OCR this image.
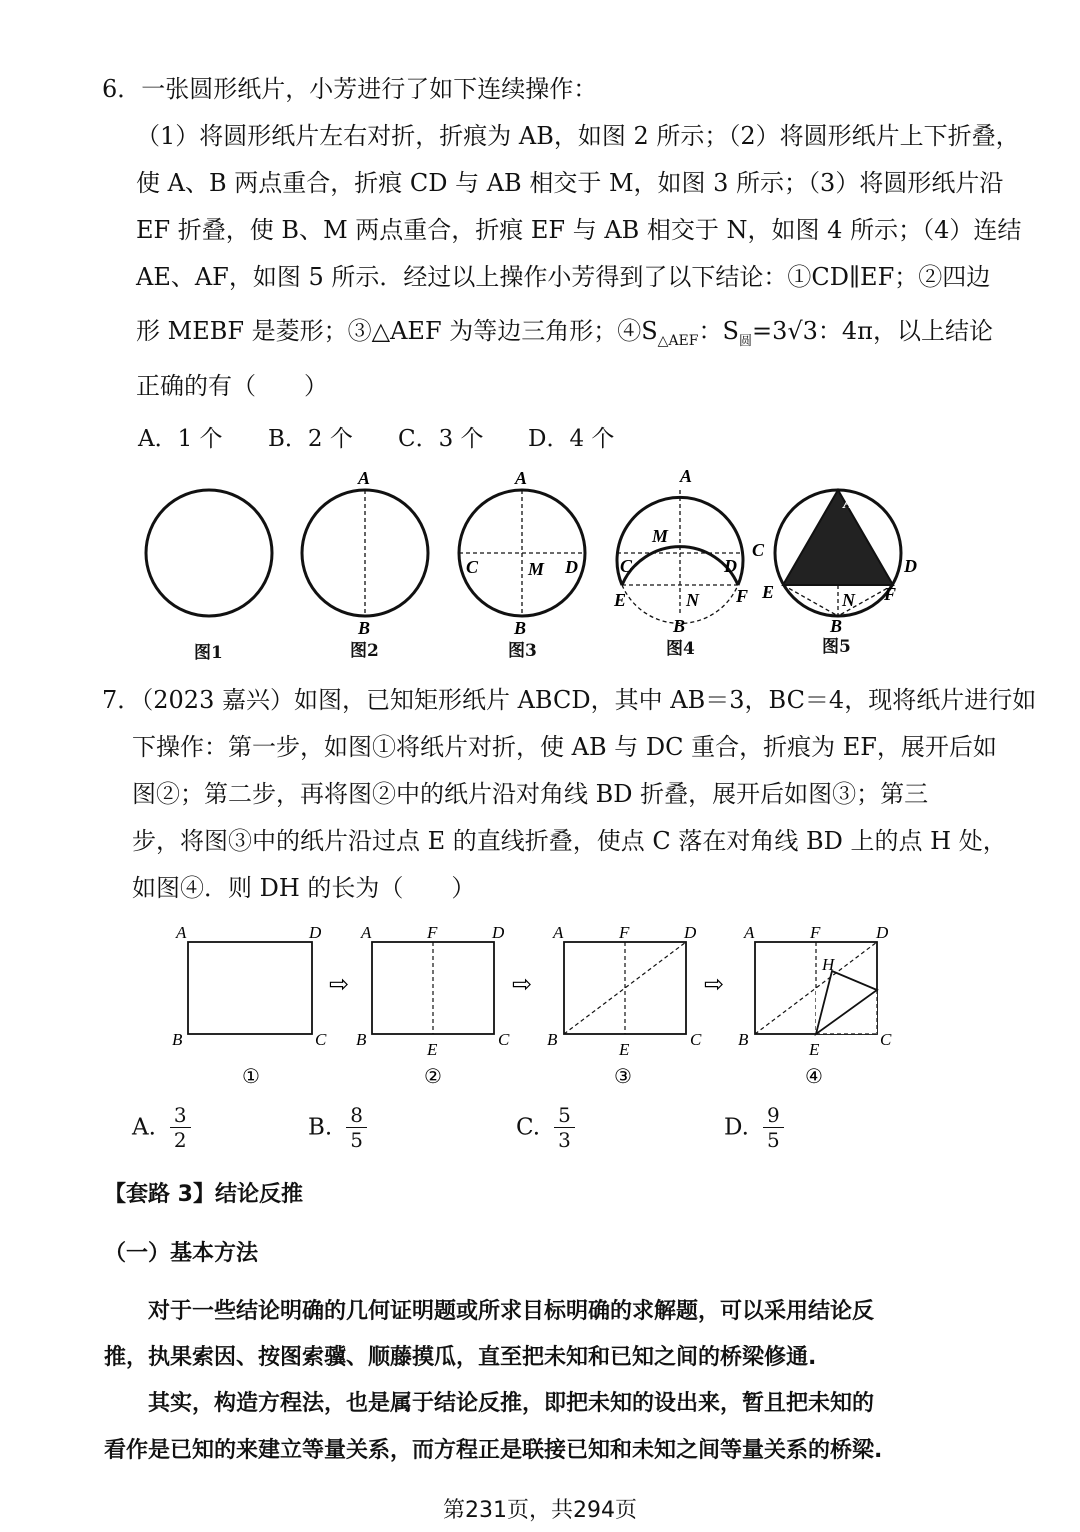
6．一张圆形纸片，小芳进行了如下连续操作：
（1）将圆形纸片左右对折，折痕为 AB，如图 2 所示；（2）将圆形纸片上下折叠，
使 A、B 两点重合，折痕 CD 与 AB 相交于 M，如图 3 所示；（3）将圆形纸片沿
EF 折叠，使 B、M 两点重合，折痕 EF 与 AB 相交于 N，如图 4 所示；（4）连结
AE、AF，如图 5 所示．经过以上操作小芳得到了以下结论：①CD∥EF；②四边
形 MEBF 是菱形；③△AEF 为等边三角形；$④S_{\triangle AEF}$：$S_圆=3√3$：4π，以上结论
正确的有（　　）
A．1 个 B．2 个 C．3 个 D．4 个
A
B
A
B
C	M D
A
M
C	D
E	N F
B
A
C
D
E	N F
B
图1	图2	图3	图4	图5
7．（2023 嘉兴）如图，已知矩形纸片 ABCD，其中 AB＝3，BC＝4，现将纸片进行如
下操作：第一步，如图①将纸片对折，使 AB 与 DC 重合，折痕为 EF，展开后如
图②；第二步，再将图②中的纸片沿对角线 BD 折叠，展开后如图③；第三
步，将图③中的纸片沿过点 E 的直线折叠，使点 C 落在对角线 BD 上的点 H 处，
如图④．则 DH 的长为（　　）
A	D
B	C
⇨
A	F	D
B
E
C
⇨
A	F	D
B
E
C
⇨
A	F	D
H
B
E
C
①	②	③	④
A. $\frac{3}{2}$	B. $\frac{8}{5}$	C. $\frac{5}{3}$	D. $\frac{9}{5}$
【套路 3】结论反推
（一）基本方法
对于一些结论明确的几何证明题或所求目标明确的求解题，可以采用结论反
推，执果索因、按图索骥、顺藤摸瓜，直至把未知和已知之间的桥梁修通.
其实，构造方程法，也是属于结论反推，即把未知的设出来，暂且把未知的
看作是已知的来建立等量关系，而方程正是联接已知和未知之间等量关系的桥梁.
第231页，共294页
